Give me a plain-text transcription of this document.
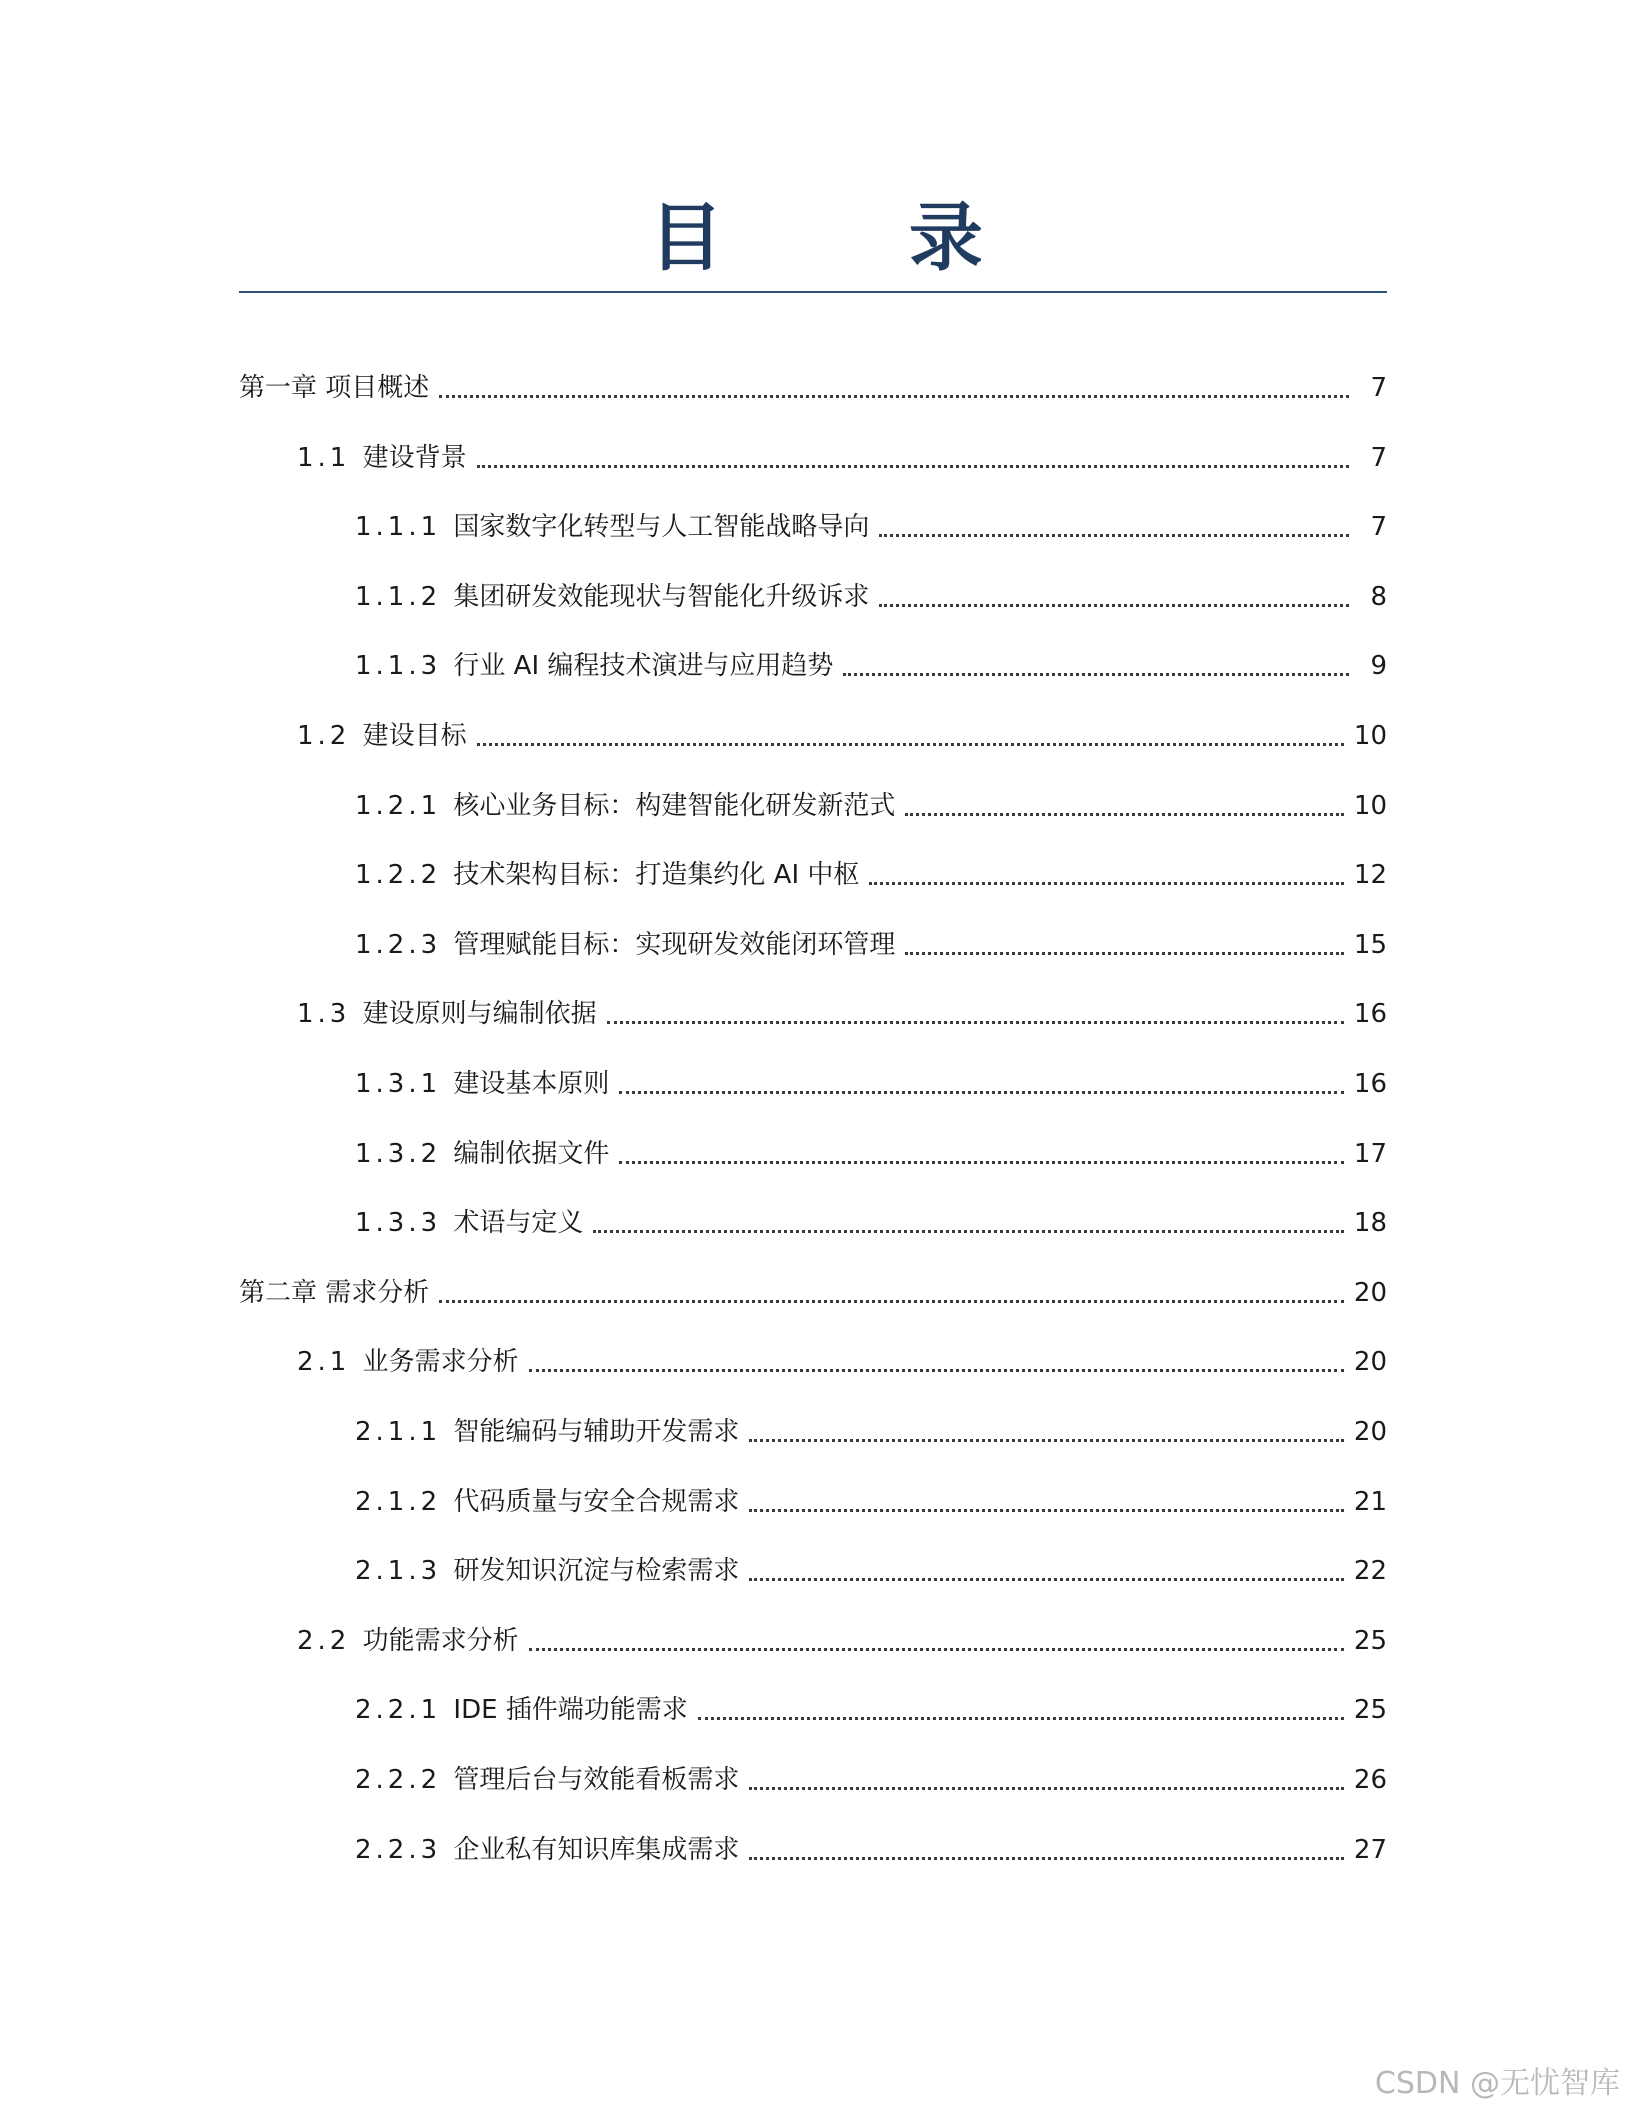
目 录
第一章 项目概述	7
1.1 建设背景	7
1.1.1 国家数字化转型与人工智能战略导向	7
1.1.2 集团研发效能现状与智能化升级诉求	8
1.1.3 行业 AI 编程技术演进与应用趋势	9
1.2 建设目标	10
1.2.1 核心业务目标：构建智能化研发新范式	10
1.2.2 技术架构目标：打造集约化 AI 中枢	12
1.2.3 管理赋能目标：实现研发效能闭环管理	15
1.3 建设原则与编制依据	16
1.3.1 建设基本原则	16
1.3.2 编制依据文件	17
1.3.3 术语与定义	18
第二章 需求分析	20
2.1 业务需求分析	20
2.1.1 智能编码与辅助开发需求	20
2.1.2 代码质量与安全合规需求	21
2.1.3 研发知识沉淀与检索需求	22
2.2 功能需求分析	25
2.2.1 IDE 插件端功能需求	25
2.2.2 管理后台与效能看板需求	26
2.2.3 企业私有知识库集成需求	27
CSDN @无忧智库
